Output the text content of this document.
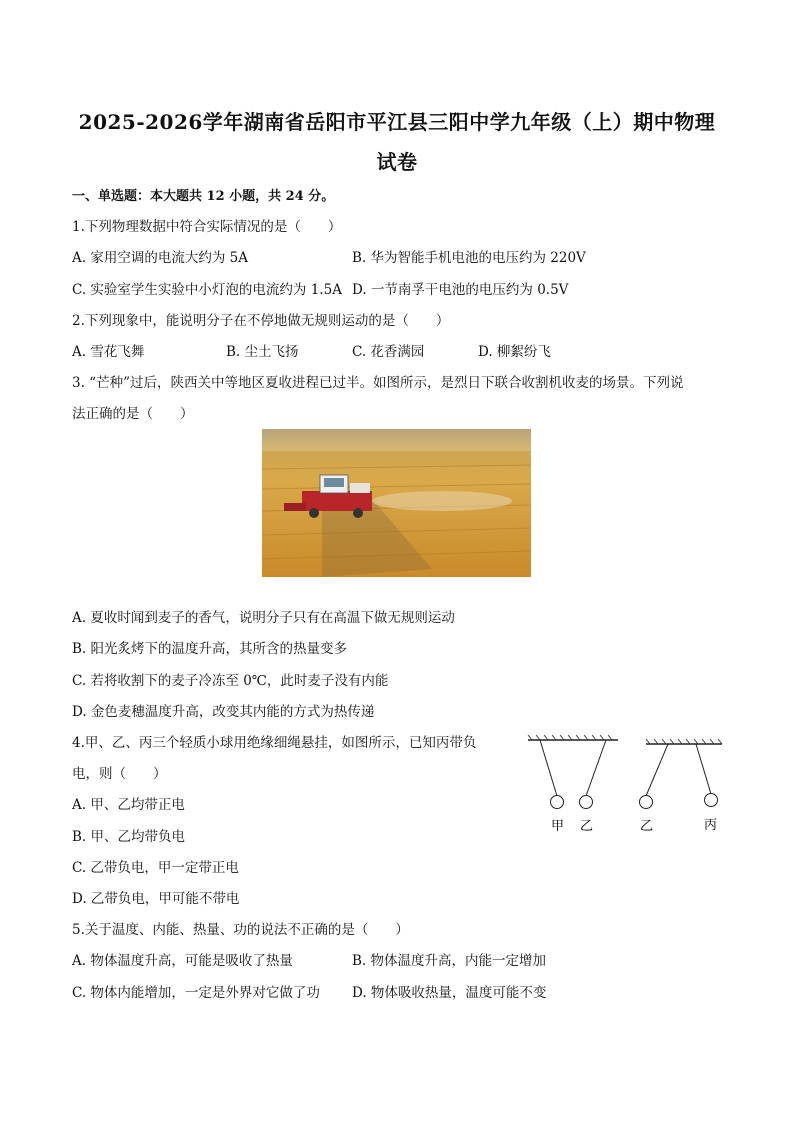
2025-2026学年湖南省岳阳市平江县三阳中学九年级（上）期中物理
试卷
一、单选题：本大题共 12 小题，共 24 分。
1.下列物理数据中符合实际情况的是（　　）
A. 家用空调的电流大约为 5A	B. 华为智能手机电池的电压约为 220V
C. 实验室学生实验中小灯泡的电流约为 1.5A D. 一节南孚干电池的电压约为 0.5V
2.下列现象中，能说明分子在不停地做无规则运动的是（　　）
A. 雪花飞舞	B. 尘土飞扬	C. 花香满园	D. 柳絮纷飞
3. “芒种”过后，陕西关中等地区夏收进程已过半。如图所示，是烈日下联合收割机收麦的场景。下列说
法正确的是（　　）
A. 夏收时闻到麦子的香气，说明分子只有在高温下做无规则运动
B. 阳光炙烤下的温度升高，其所含的热量变多
C. 若将收割下的麦子冷冻至 0℃，此时麦子没有内能
D. 金色麦穗温度升高，改变其内能的方式为热传递
4.甲、乙、丙三个轻质小球用绝缘细绳悬挂，如图所示，已知丙带负
电，则（　　）
A. 甲、乙均带正电
B. 甲、乙均带负电
C. 乙带负电，甲一定带正电
D. 乙带负电，甲可能不带电
甲 乙	乙	丙
5.关于温度、内能、热量、功的说法不正确的是（　　）
A. 物体温度升高，可能是吸收了热量	B. 物体温度升高，内能一定增加
C. 物体内能增加，一定是外界对它做了功 D. 物体吸收热量，温度可能不变
